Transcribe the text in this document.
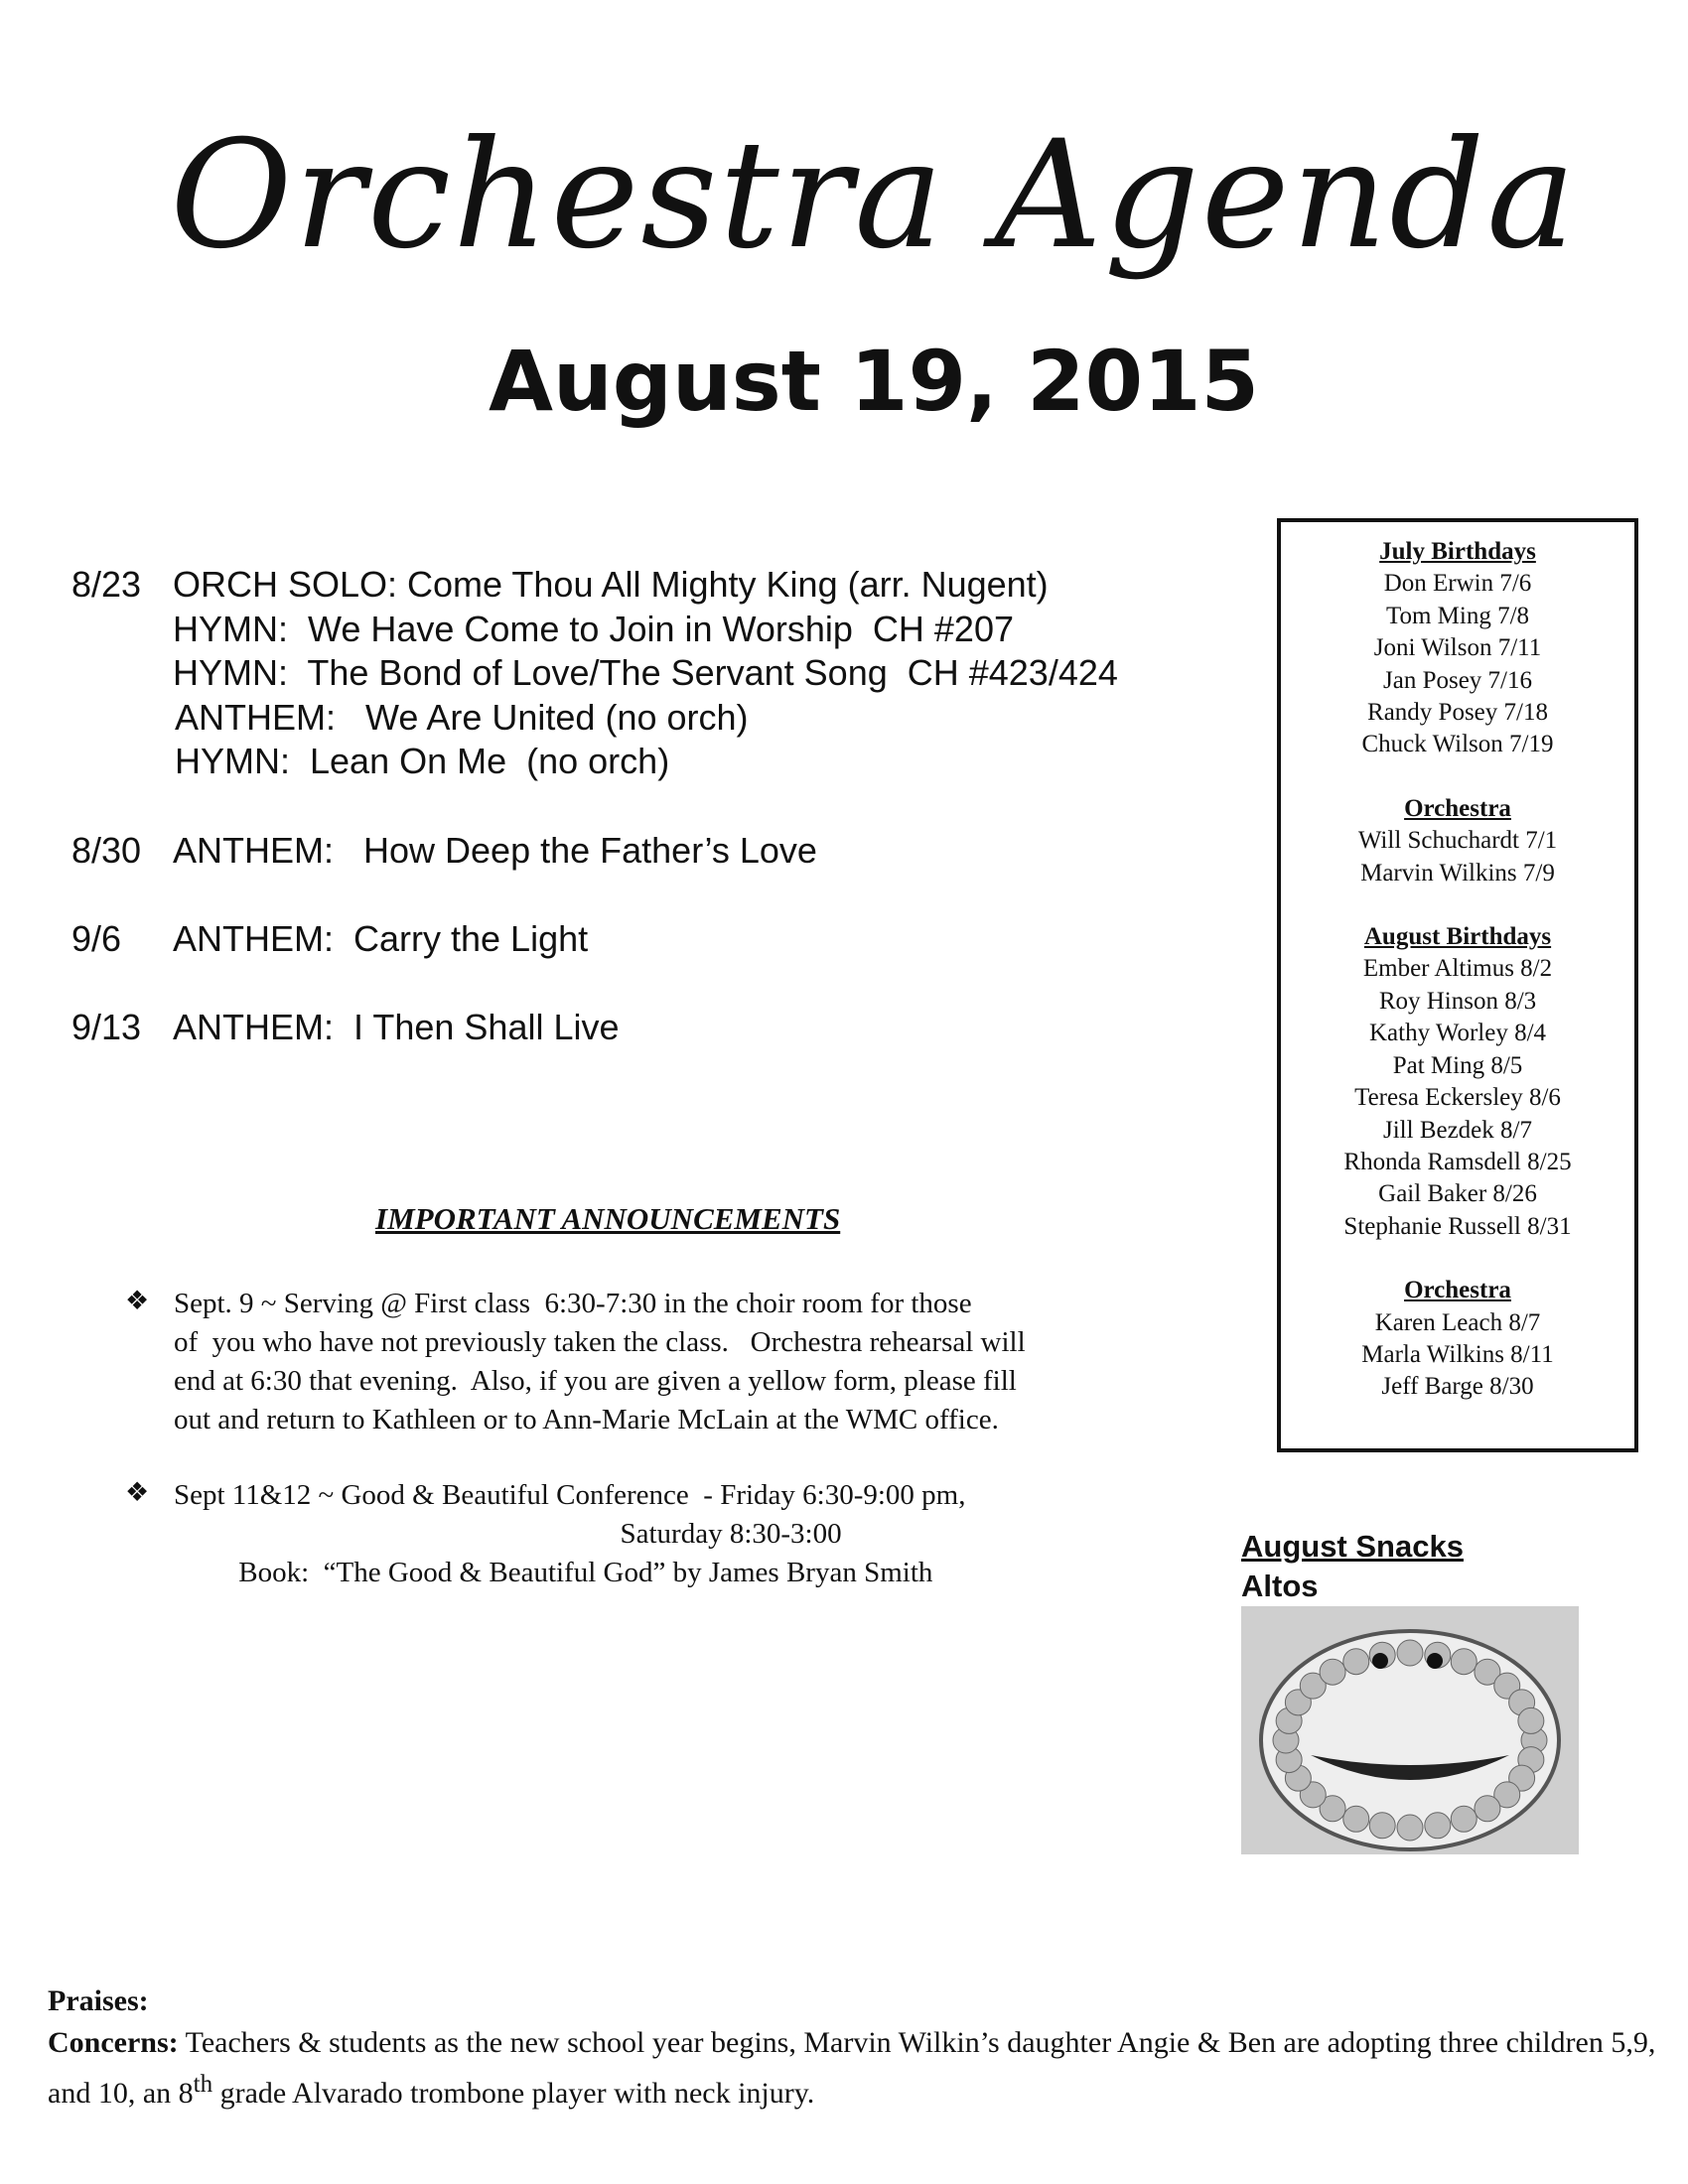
Orchestra Agenda
August 19, 2015
8/23 ORCH SOLO: Come Thou All Mighty King (arr. Nugent)
HYMN:  We Have Come to Join in Worship  CH #207
HYMN:  The Bond of Love/The Servant Song  CH #423/424
ANTHEM:   We Are United (no orch)
HYMN:  Lean On Me  (no orch)
8/30 ANTHEM:   How Deep the Father’s Love
9/6 ANTHEM:  Carry the Light
9/13 ANTHEM:  I Then Shall Live
IMPORTANT ANNOUNCEMENTS
❖ Sept. 9 ~ Serving @ First class  6:30-7:30 in the choir room for those
of  you who have not previously taken the class.   Orchestra rehearsal will
end at 6:30 that evening.  Also, if you are given a yellow form, please fill
out and return to Kathleen or to Ann-Marie McLain at the WMC office.
❖ Sept 11&12 ~ Good & Beautiful Conference  - Friday 6:30-9:00 pm,
Saturday 8:30-3:00
Book:  “The Good & Beautiful God” by James Bryan Smith
July Birthdays
Don Erwin 7/6
Tom Ming 7/8
Joni Wilson 7/11
Jan Posey 7/16
Randy Posey 7/18
Chuck Wilson 7/19
Orchestra
Will Schuchardt 7/1
Marvin Wilkins 7/9
August Birthdays
Ember Altimus 8/2
Roy Hinson 8/3
Kathy Worley 8/4
Pat Ming 8/5
Teresa Eckersley 8/6
Jill Bezdek 8/7
Rhonda Ramsdell 8/25
Gail Baker 8/26
Stephanie Russell 8/31
Orchestra
Karen Leach 8/7
Marla Wilkins 8/11
Jeff Barge 8/30
August Snacks
Altos
Praises:
Concerns: Teachers & students as the new school year begins, Marvin Wilkin’s daughter Angie & Ben are adopting three children 5,9, and 10, an 8th grade Alvarado trombone player with neck injury.
